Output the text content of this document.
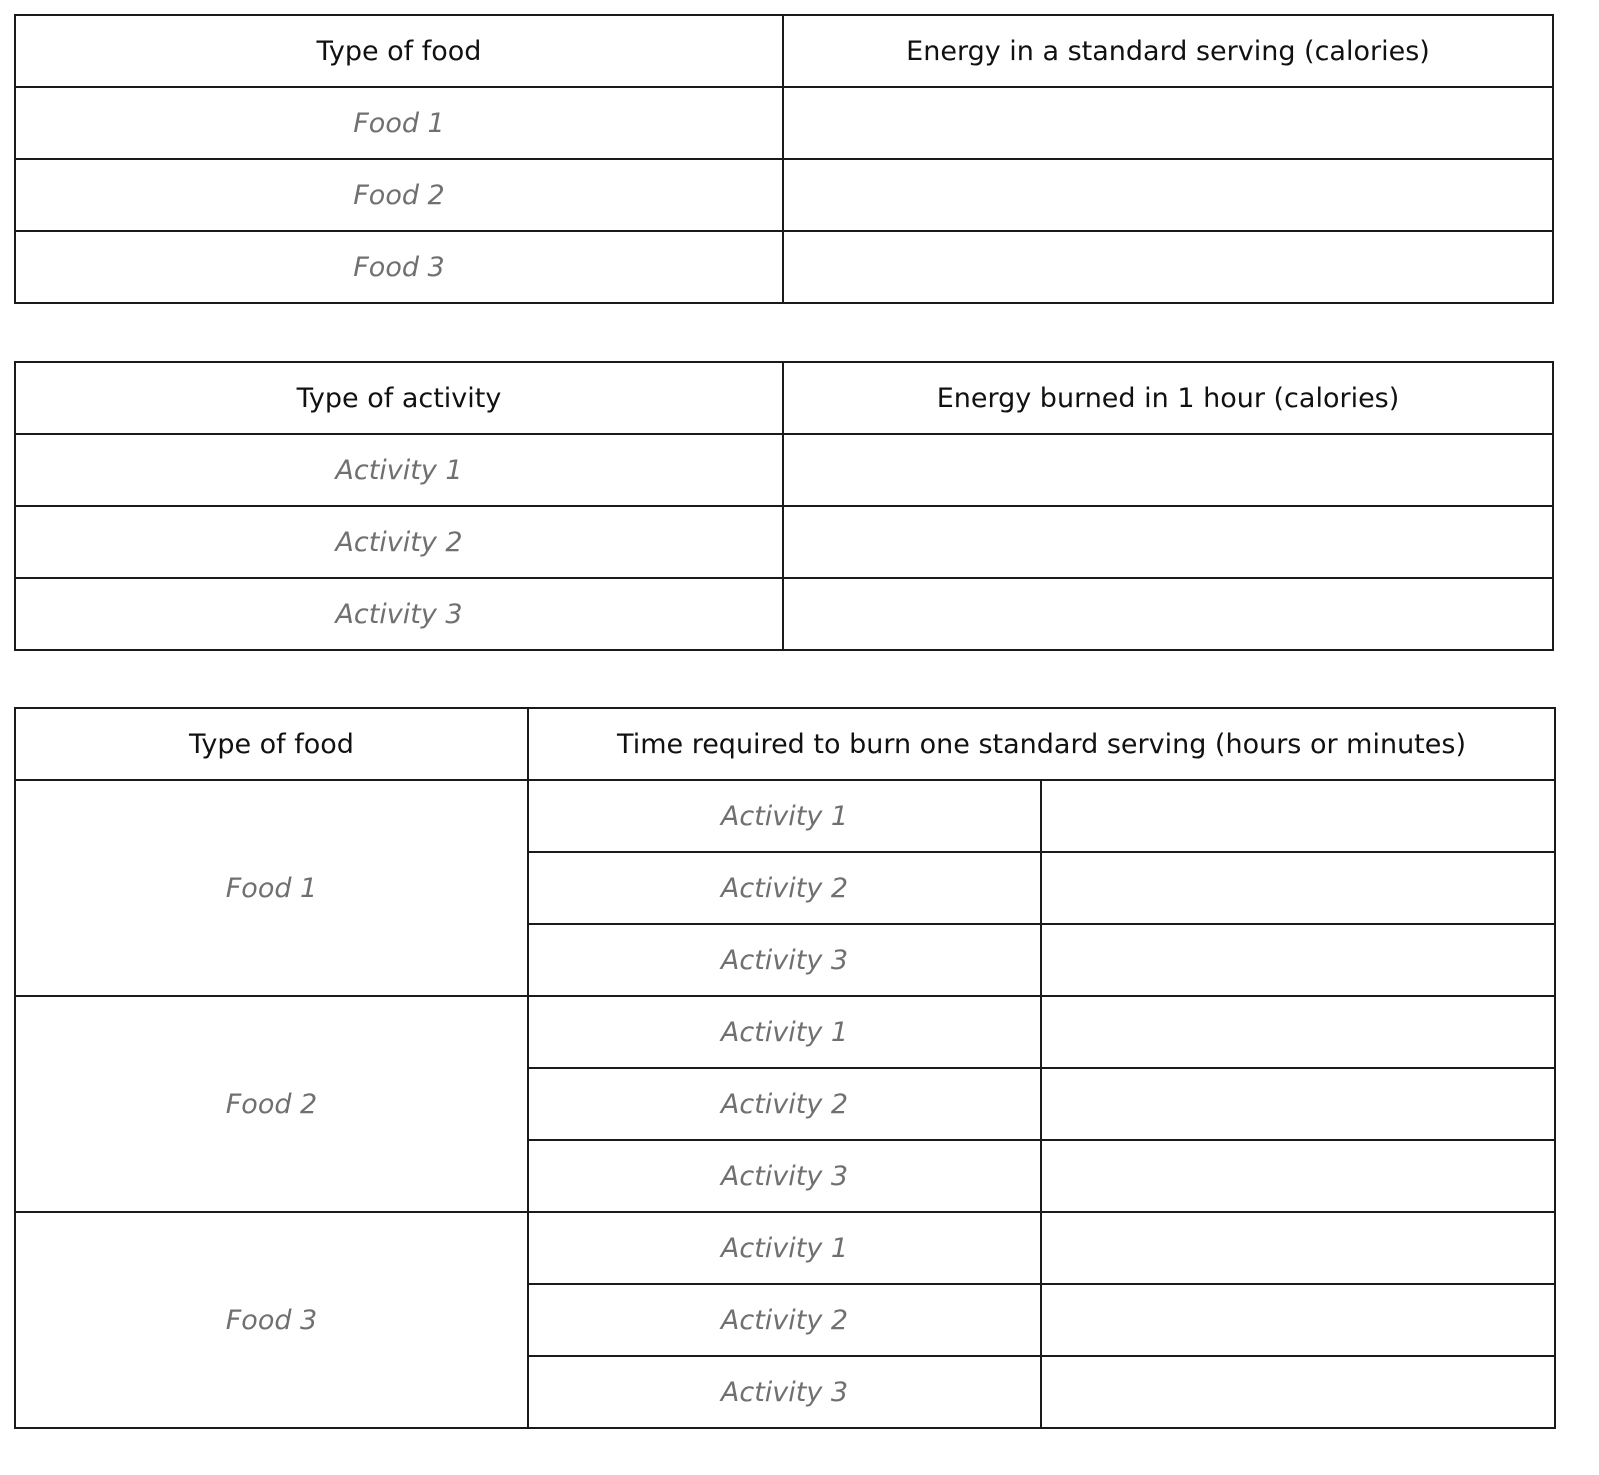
Type of food	Energy in a standard serving (calories)
Food 1	
Food 2	
Food 3	
Type of activity	Energy burned in 1 hour (calories)
Activity 1	
Activity 2	
Activity 3	
Type of food	Time required to burn one standard serving (hours or minutes)	
Food 1	Activity 1	
	Activity 2	
	Activity 3	
Food 2	Activity 1	
	Activity 2	
	Activity 3	
Food 3	Activity 1	
	Activity 2	
	Activity 3	
